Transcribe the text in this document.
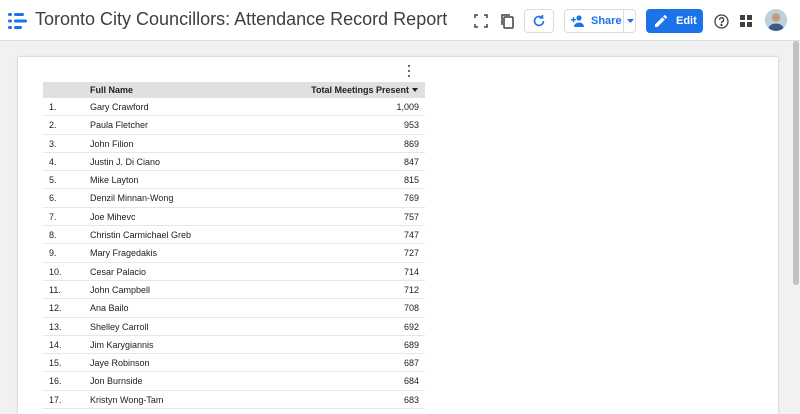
Toronto City Councillors: Attendance Record Report	Share	Edit
Full Name	Total Meetings Present
1.	Gary Crawford	1,009
2.	Paula Fletcher	953
3.	John Filion	869
4.	Justin J. Di Ciano	847
5.	Mike Layton	815
6.	Denzil Minnan-Wong	769
7.	Joe Mihevc	757
8.	Christin Carmichael Greb	747
9.	Mary Fragedakis	727
10.	Cesar Palacio	714
11.	John Campbell	712
12.	Ana Bailo	708
13.	Shelley Carroll	692
14.	Jim Karygiannis	689
15.	Jaye Robinson	687
16.	Jon Burnside	684
17.	Kristyn Wong-Tam	683
